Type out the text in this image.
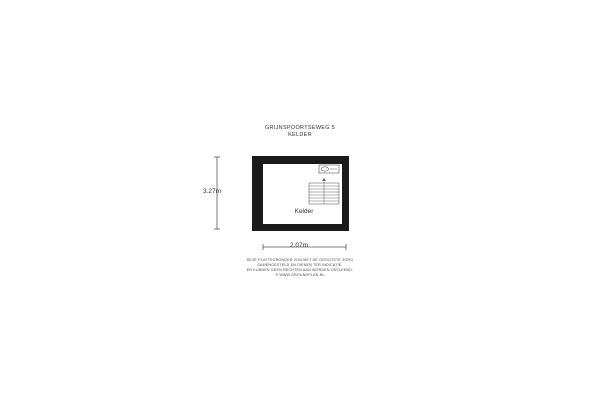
GRIJNSPOORTSEWEG 5
KELDER
Kelder
3.27m
2.07m
DEZE PLATTEGRONDEN ZIJN MET DE GROOTSTE ZORG
SAMENGESTELD EN DIENEN TER INDICATIE.
ER KUNNEN GEEN RECHTEN AAN WORDEN ONTLEEND.
© WWW.GROUNDPLAN.NL
